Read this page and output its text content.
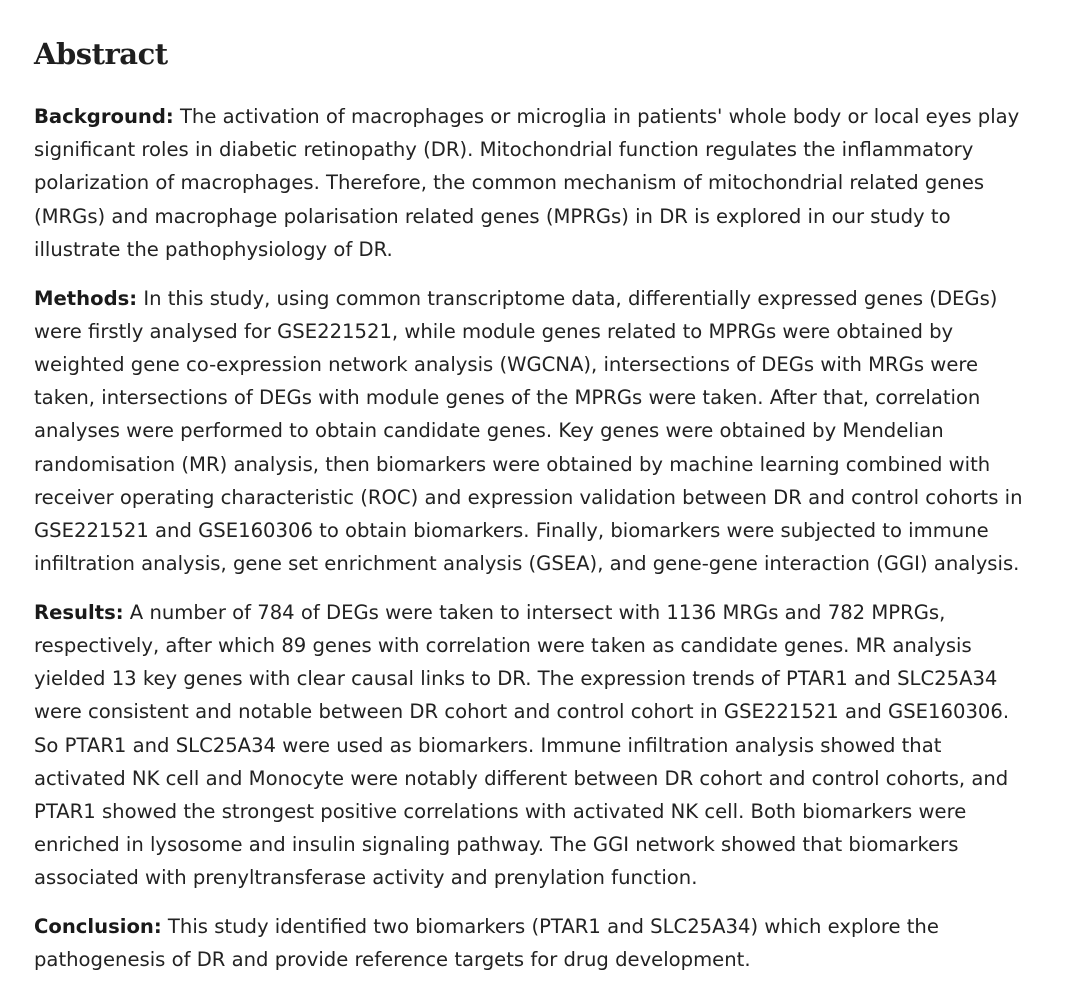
Abstract

Background: The activation of macrophages or microglia in patients' whole body or local eyes play significant roles in diabetic retinopathy (DR). Mitochondrial function regulates the inflammatory polarization of macrophages. Therefore, the common mechanism of mitochondrial related genes (MRGs) and macrophage polarisation related genes (MPRGs) in DR is explored in our study to illustrate the pathophysiology of DR.

Methods: In this study, using common transcriptome data, differentially expressed genes (DEGs) were firstly analysed for GSE221521, while module genes related to MPRGs were obtained by weighted gene co-expression network analysis (WGCNA), intersections of DEGs with MRGs were taken, intersections of DEGs with module genes of the MPRGs were taken. After that, correlation analyses were performed to obtain candidate genes. Key genes were obtained by Mendelian randomisation (MR) analysis, then biomarkers were obtained by machine learning combined with receiver operating characteristic (ROC) and expression validation between DR and control cohorts in GSE221521 and GSE160306 to obtain biomarkers. Finally, biomarkers were subjected to immune infiltration analysis, gene set enrichment analysis (GSEA), and gene-gene interaction (GGI) analysis.

Results: A number of 784 of DEGs were taken to intersect with 1136 MRGs and 782 MPRGs, respectively, after which 89 genes with correlation were taken as candidate genes. MR analysis yielded 13 key genes with clear causal links to DR. The expression trends of PTAR1 and SLC25A34 were consistent and notable between DR cohort and control cohort in GSE221521 and GSE160306. So PTAR1 and SLC25A34 were used as biomarkers. Immune infiltration analysis showed that activated NK cell and Monocyte were notably different between DR cohort and control cohorts, and PTAR1 showed the strongest positive correlations with activated NK cell. Both biomarkers were enriched in lysosome and insulin signaling pathway. The GGI network showed that biomarkers associated with prenyltransferase activity and prenylation function.

Conclusion: This study identified two biomarkers (PTAR1 and SLC25A34) which explore the pathogenesis of DR and provide reference targets for drug development.
